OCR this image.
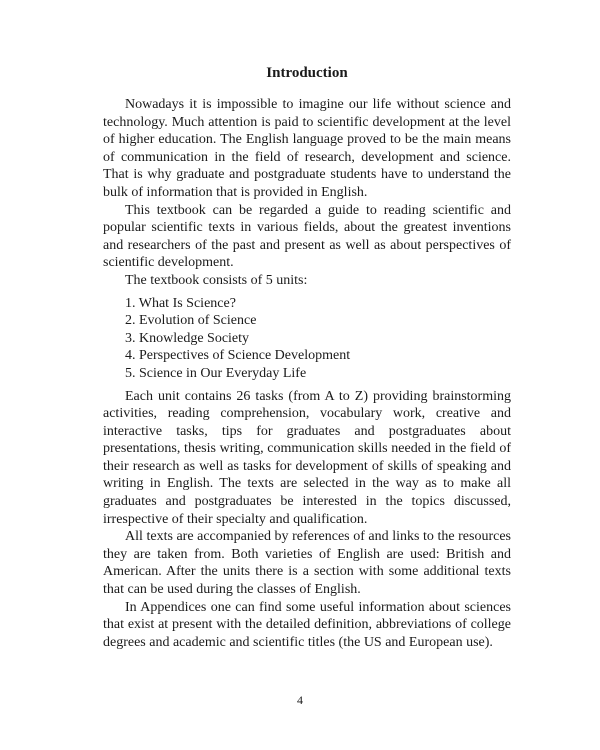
Introduction

Nowadays it is impossible to imagine our life without science and technology. Much attention is paid to scientific development at the level of higher education. The English language proved to be the main means of communication in the field of research, development and science. That is why graduate and postgraduate students have to understand the bulk of information that is provided in English.

This textbook can be regarded a guide to reading scientific and popular scientific texts in various fields, about the greatest inventions and researchers of the past and present as well as about perspectives of scientific development.

The textbook consists of 5 units:

1. What Is Science?
2. Evolution of Science
3. Knowledge Society
4. Perspectives of Science Development
5. Science in Our Everyday Life

Each unit contains 26 tasks (from A to Z) providing brainstorming activities, reading comprehension, vocabulary work, creative and interactive tasks, tips for graduates and postgraduates about presentations, thesis writing, communication skills needed in the field of their research as well as tasks for development of skills of speaking and writing in English. The texts are selected in the way as to make all graduates and postgraduates be interested in the topics discussed, irrespective of their specialty and qualification.

All texts are accompanied by references of and links to the resources they are taken from. Both varieties of English are used: British and American. After the units there is a section with some additional texts that can be used during the classes of English.

In Appendices one can find some useful information about sciences that exist at present with the detailed definition, abbreviations of college degrees and academic and scientific titles (the US and European use).

4
